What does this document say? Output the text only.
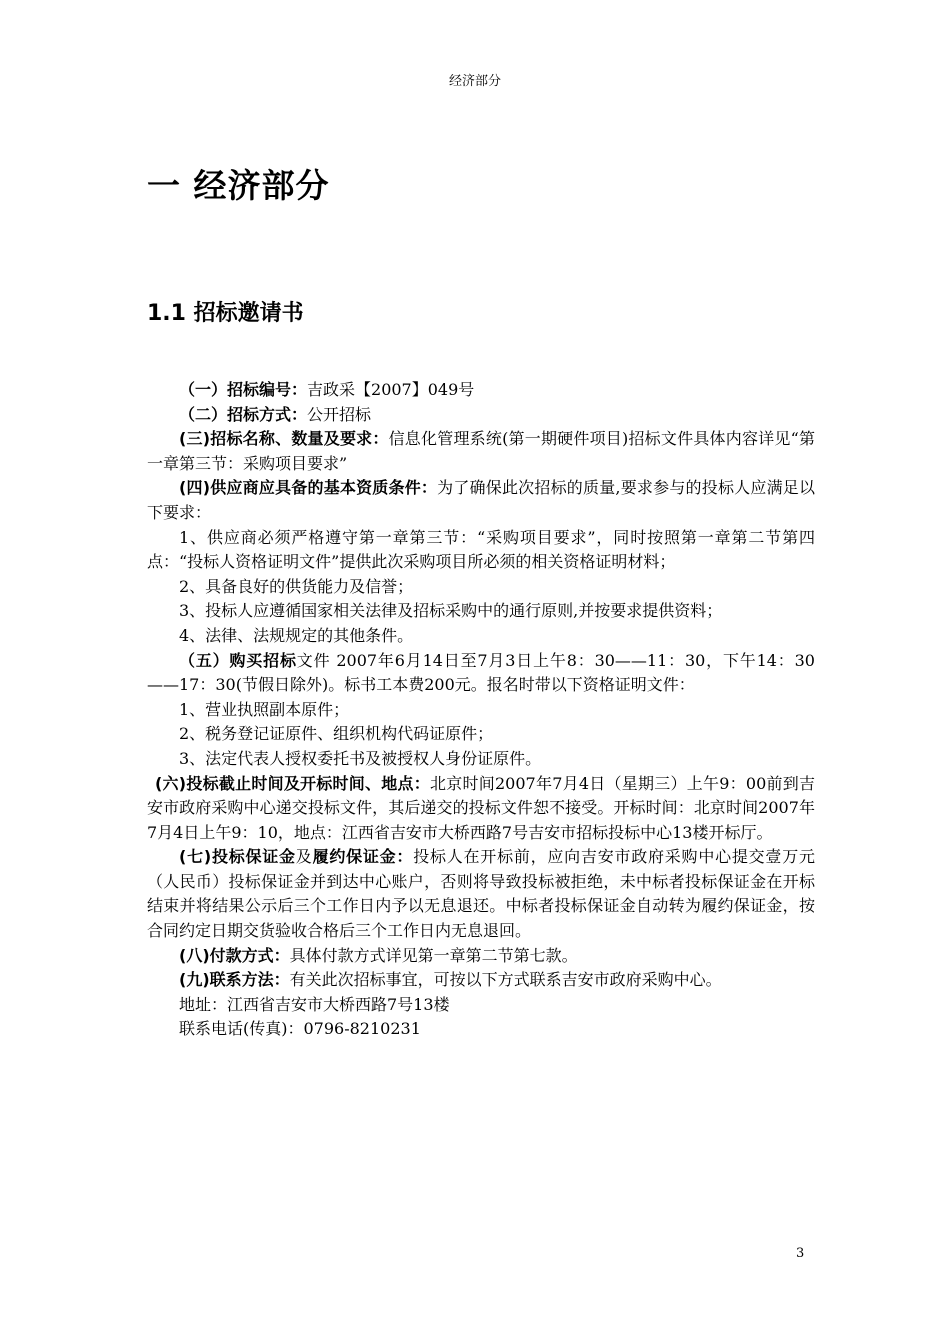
经济部分
一 经济部分
1.1 招标邀请书

（一）招标编号：吉政采【2007】049号

（二）招标方式：公开招标

(三)招标名称、数量及要求：信息化管理系统(第一期硬件项目)招标文件具体内容详见“第一章第三节：采购项目要求”

(四)供应商应具备的基本资质条件：为了确保此次招标的质量,要求参与的投标人应满足以下要求：

1、供应商必须严格遵守第一章第三节：“采购项目要求”，同时按照第一章第二节第四点：“投标人资格证明文件”提供此次采购项目所必须的相关资格证明材料；

2、具备良好的供货能力及信誉；

3、投标人应遵循国家相关法律及招标采购中的通行原则,并按要求提供资料；

4、法律、法规规定的其他条件。

（五）购买招标文件 2007年6月14日至7月3日上午8：30——11：30，下午14：30——17：30(节假日除外)。标书工本费200元。报名时带以下资格证明文件：

1、营业执照副本原件；

2、税务登记证原件、组织机构代码证原件；

3、法定代表人授权委托书及被授权人身份证原件。

(六)投标截止时间及开标时间、地点：北京时间2007年7月4日（星期三）上午9：00前到吉安市政府采购中心递交投标文件，其后递交的投标文件恕不接受。开标时间：北京时间2007年7月4日上午9：10，地点：江西省吉安市大桥西路7号吉安市招标投标中心13楼开标厅。

(七)投标保证金及履约保证金：投标人在开标前，应向吉安市政府采购中心提交壹万元（人民币）投标保证金并到达中心账户，否则将导致投标被拒绝，未中标者投标保证金在开标结束并将结果公示后三个工作日内予以无息退还。中标者投标保证金自动转为履约保证金，按合同约定日期交货验收合格后三个工作日内无息退回。

(八)付款方式：具体付款方式详见第一章第二节第七款。

(九)联系方法：有关此次招标事宜，可按以下方式联系吉安市政府采购中心。

地址：江西省吉安市大桥西路7号13楼

联系电话(传真)：0796-8210231

3
